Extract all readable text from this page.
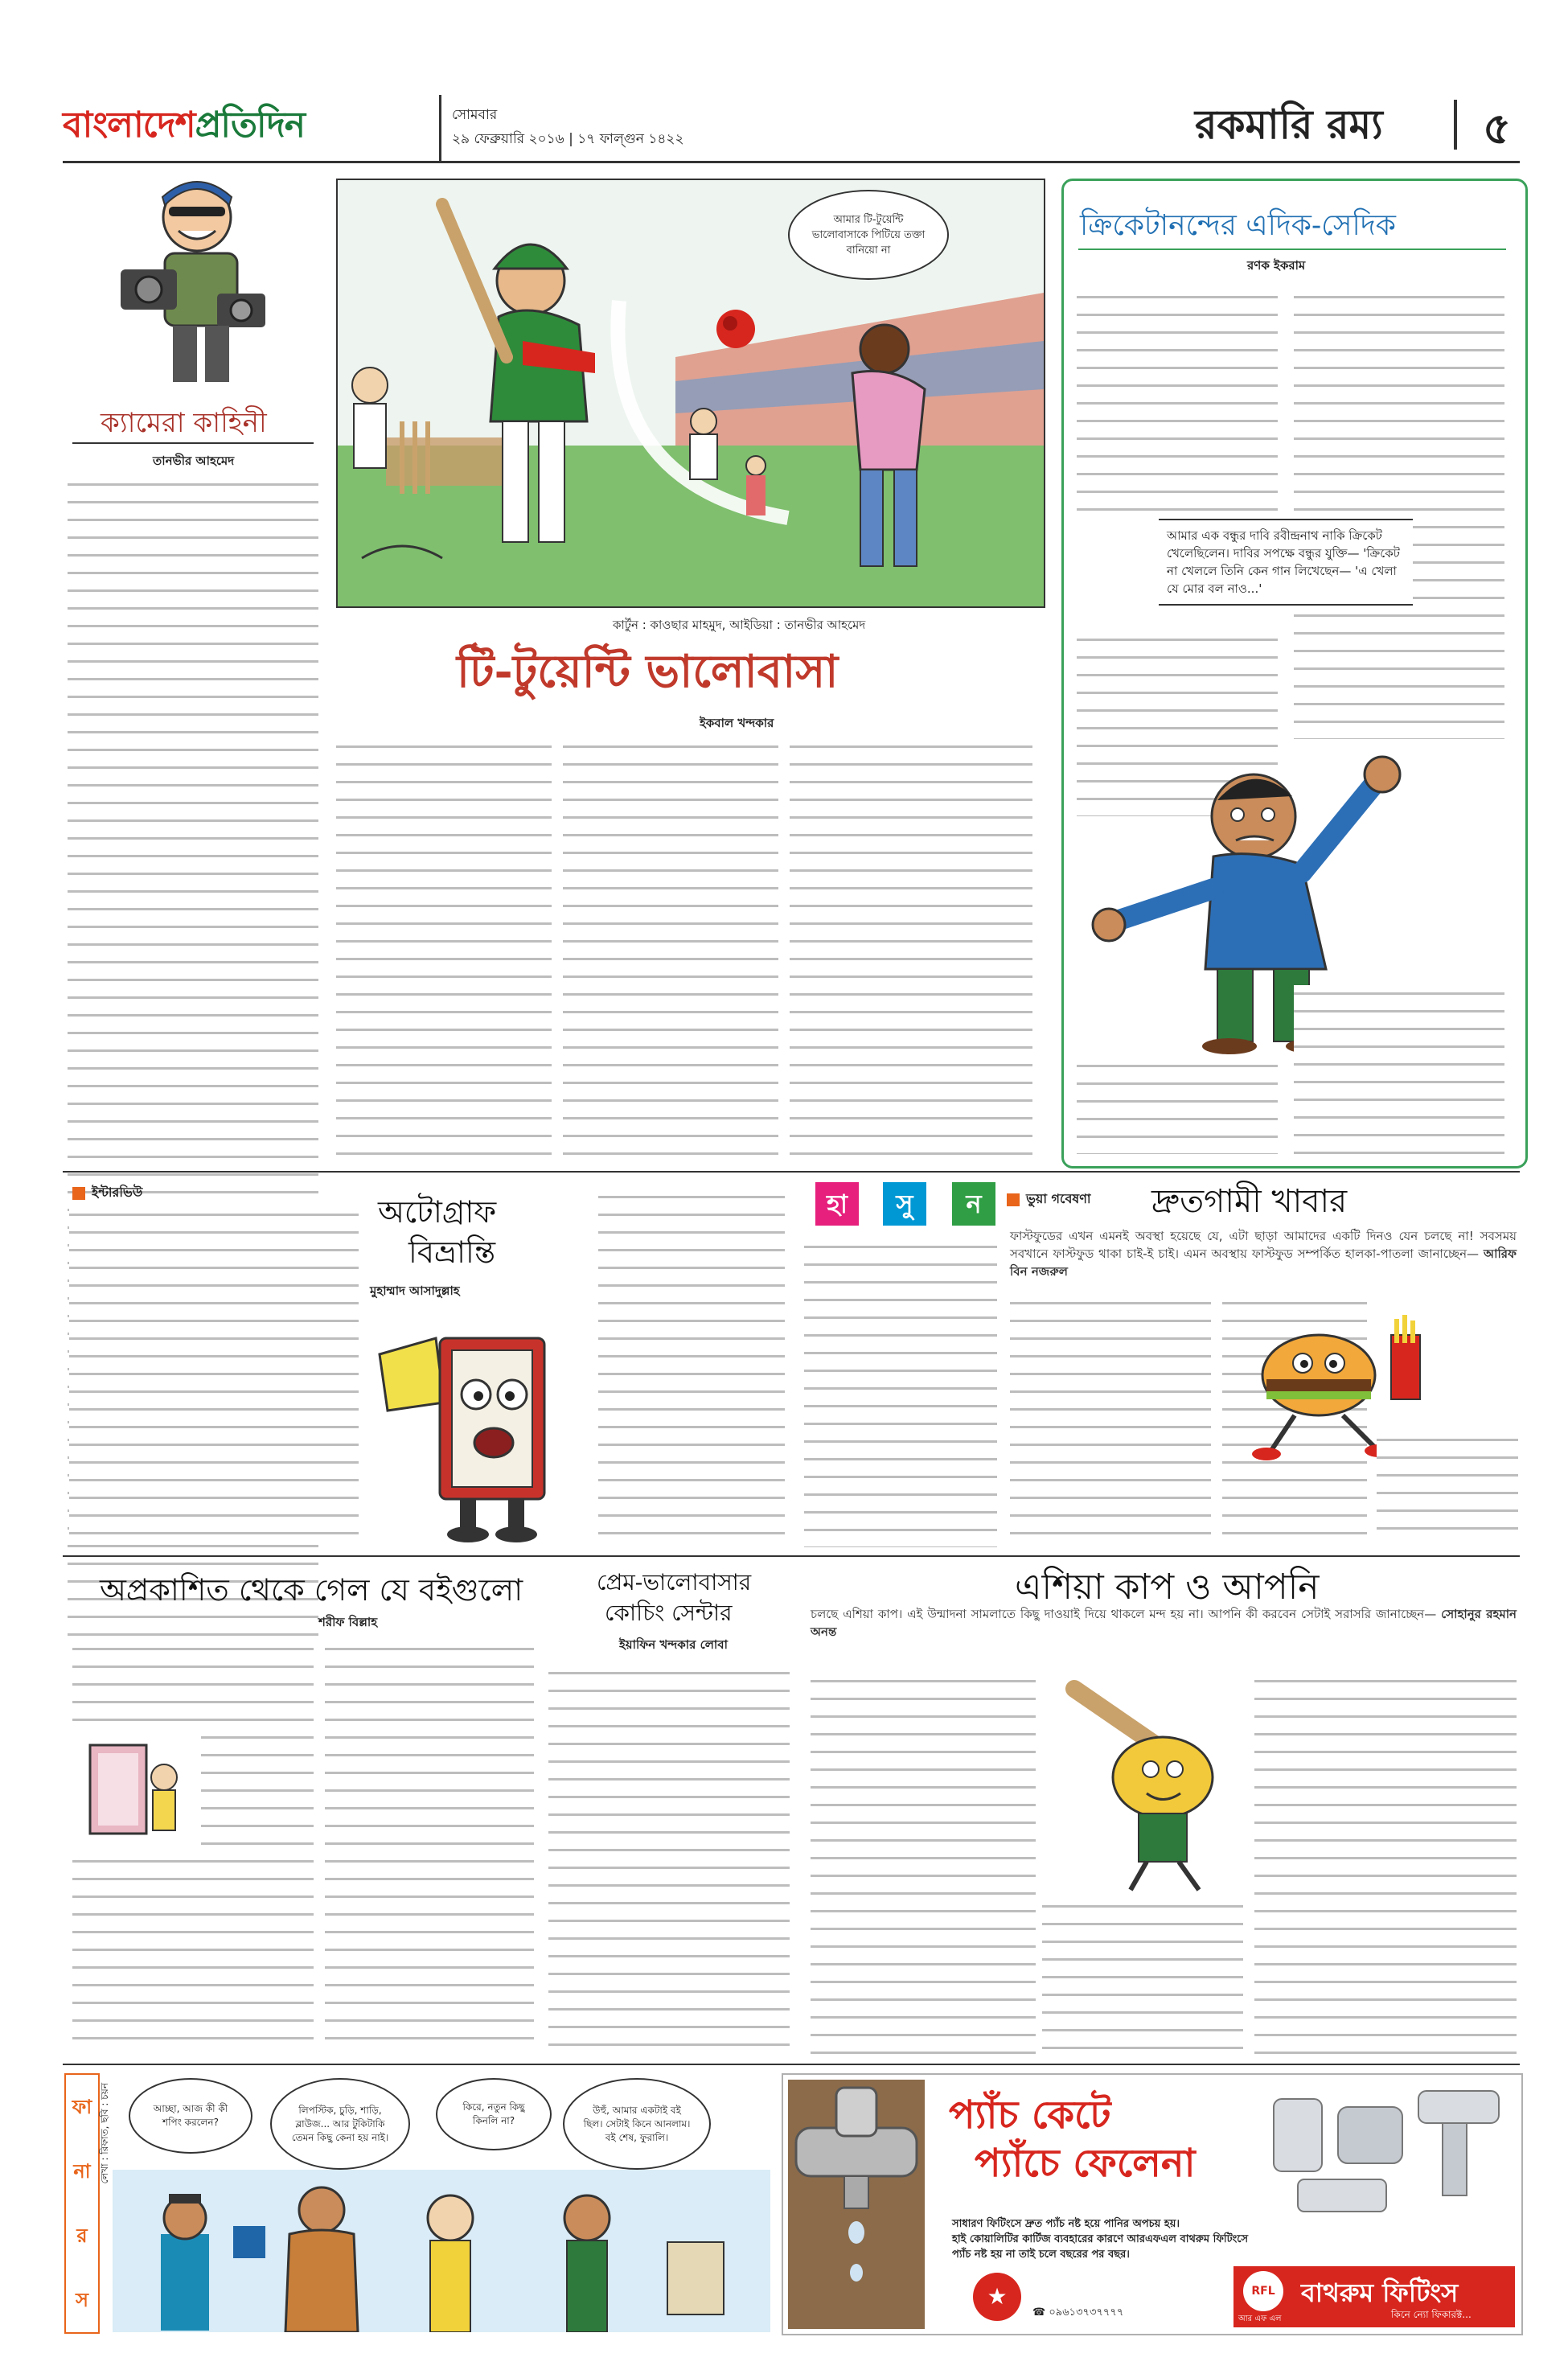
বাংলাদেশপ্রতিদিন	সোমবার
২৯ ফেব্রুয়ারি ২০১৬ | ১৭ ফাল্গুন ১৪২২	রকমারি রম্য ৫
ক্যামেরা কাহিনী
তানভীর আহমেদ
আমার টি-টুয়েন্টি ভালোবাসাকে পিটিয়ে তক্তা বানিয়ো না
কার্টুন : কাওছার মাহমুদ, আইডিয়া : তানভীর আহমেদ
টি-টুয়েন্টি ভালোবাসা
ইকবাল খন্দকার
ক্রিকেটানন্দের এদিক-সেদিক
রণক ইকরাম
আমার এক বন্ধুর দাবি রবীন্দ্রনাথ নাকি ক্রিকেট খেলেছিলেন। দাবির সপক্ষে বন্ধুর যুক্তি— 'ক্রিকেট না খেললে তিনি কেন গান লিখেছেন— 'এ খেলা যে মোর বল নাও...'
ইন্টারভিউ
অটোগ্রাফ
বিভ্রান্তি
মুহাম্মাদ আসাদুল্লাহ
হা	সু	ন	ভুয়া গবেষণা দ্রুতগামী খাবার
ফাস্টফুডের এখন এমনই অবস্থা হয়েছে যে, এটা ছাড়া আমাদের একটি দিনও যেন চলছে না! সবসময় সবখানে ফাস্টফুড থাকা চাই-ই চাই। এমন অবস্থায় ফাস্টফুড সম্পর্কিত হালকা-পাতলা জানাচ্ছেন— আরিফ বিন নজরুল
অপ্রকাশিত থেকে গেল যে বইগুলো
শরীফ বিল্লাহ
প্রেম-ভালোবাসার
কোচিং সেন্টার
ইয়াফিন খন্দকার লোবা
এশিয়া কাপ ও আপনি
চলছে এশিয়া কাপ। এই উন্মাদনা সামলাতে কিছু দাওয়াই দিয়ে থাকলে মন্দ হয় না। আপনি কী করবেন সেটাই সরাসরি জানাচ্ছেন— সোহানুর রহমান অনন্ত
ফা
না
র
স
লেখা : রিফাত, ছবি : চয়ন	আচ্ছা, আজ কী কী শপিং করলেন?
লিপস্টিক, চুড়ি, শাড়ি, ব্লাউজ... আর টুকিটাকি তেমন কিছু কেনা হয় নাই।
কিরে, নতুন কিছু কিনলি না?
উহুঁ, আমার একটাই বই ছিল। সেটাই কিনে আনলাম। বই শেষ, ফুরালি।	প্যাঁচ কেটে
প্যাঁচে ফেলেনা
সাধারণ ফিটিংসে দ্রুত প্যাঁচ নষ্ট হয়ে পানির অপচয় হয়।
হাই কোয়ালিটির কার্টিজ ব্যবহারের কারণে আরএফএল বাথরুম ফিটিংসে
প্যাঁচ নষ্ট হয় না তাই চলে বছরের পর বছর।
★
☎ ০৯৬১৩৭৩৭৭৭৭
RFL
আর এফ এল
বাথরুম ফিটিংস
কিনে ন্যো ফিকারক্ট...
